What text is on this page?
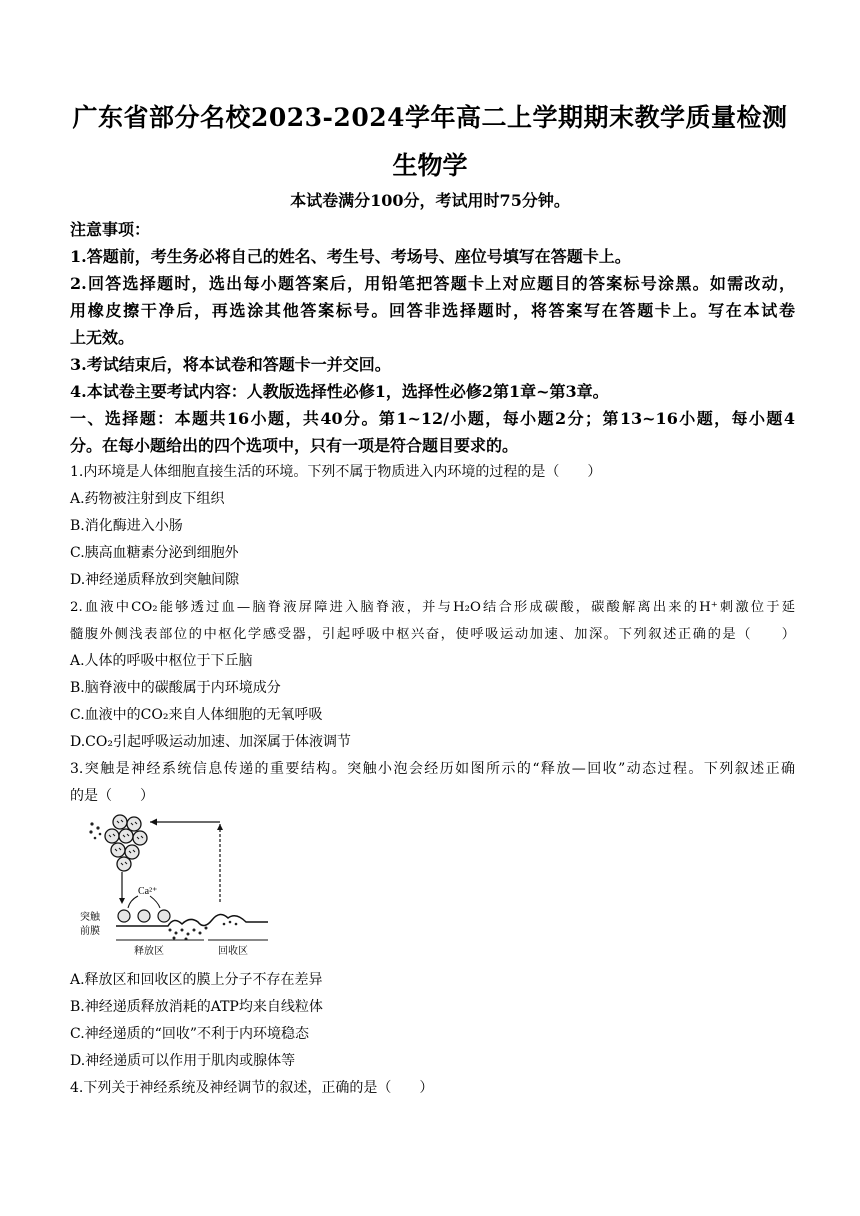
广东省部分名校2023-2024学年高二上学期期末教学质量检测
生物学
本试卷满分100分，考试用时75分钟。
注意事项：
1.答题前，考生务必将自己的姓名、考生号、考场号、座位号填写在答题卡上。
2.回答选择题时，选出每小题答案后，用铅笔把答题卡上对应题目的答案标号涂黑。如需改动，
用橡皮擦干净后，再选涂其他答案标号。回答非选择题时，将答案写在答题卡上。写在本试卷
上无效。
3.考试结束后，将本试卷和答题卡一并交回。
4.本试卷主要考试内容：人教版选择性必修1，选择性必修2第1章~第3章。
一、选择题：本题共16小题，共40分。第1~12/小题，每小题2分；第13~16小题，每小题4
分。在每小题给出的四个选项中，只有一项是符合题目要求的。
1.内环境是人体细胞直接生活的环境。下列不属于物质进入内环境的过程的是（　　）
A.药物被注射到皮下组织
B.消化酶进入小肠
C.胰高血糖素分泌到细胞外
D.神经递质释放到突触间隙
2.血液中CO₂能够透过血—脑脊液屏障进入脑脊液，并与H₂O结合形成碳酸，碳酸解离出来的H⁺刺激位于延
髓腹外侧浅表部位的中枢化学感受器，引起呼吸中枢兴奋，使呼吸运动加速、加深。下列叙述正确的是（　　）
A.人体的呼吸中枢位于下丘脑
B.脑脊液中的碳酸属于内环境成分
C.血液中的CO₂来自人体细胞的无氧呼吸
D.CO₂引起呼吸运动加速、加深属于体液调节
3.突触是神经系统信息传递的重要结构。突触小泡会经历如图所示的“释放—回收”动态过程。下列叙述正确
的是（　　）
Ca²⁺
突触
前膜
释放区	回收区
A.释放区和回收区的膜上分子不存在差异
B.神经递质释放消耗的ATP均来自线粒体
C.神经递质的“回收”不利于内环境稳态
D.神经递质可以作用于肌肉或腺体等
4.下列关于神经系统及神经调节的叙述，正确的是（　　）
